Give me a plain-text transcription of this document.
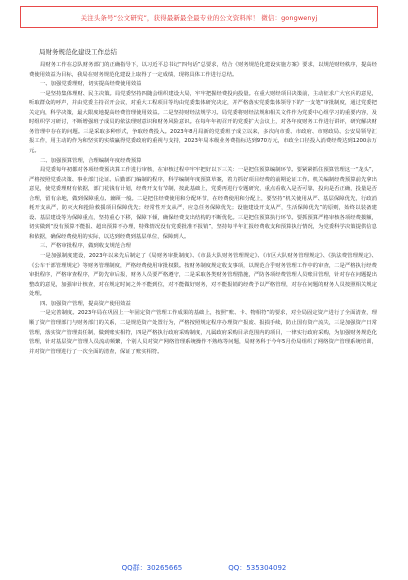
关注头条号“公文研究”，获得最新最全最专业的公文资料库！ 微信：gongwenyj
局财务规范化建设工作总结

局财务工作在总队财务部门的正确指导下，以习近平总书记“四句话”总要求，结合《财务规范化建设实施方案》要求，以规范财经秩序，提高经费使用效益为目标，我局在财务规范化建设上取得了一定成绩，现将具体工作进行总结。

一、加强党委理财，切实提高经费使用效益

一是坚持集体理财、民主决策。局党委坚持四随会组织建设大局，牢牢把握经费投向投量。在重大财经项目决策前，主动征求广大官兵的意见，听取群众的呼声，并由党委主持召开会议，对重大工程项目等均由党委集体研究决定，并严格落实党委集体领导下的“一支笔”审批制度，通过党委把关定向，科学决策，最大限度地提高经费管理使用效益。二是坚持财经法规学习。局党委将财经法规和相关文件作为党委中心组学习的重要内容，及时组织学习研讨，不断增强班子成员的依法理财意识和财务风险意识。在每年年初召开的党委扩大会议上，对各年度财务工作进行讲评，研究解决财务管理中存在的问题。三是采取多种形式，争取经费投入。2023年8月局新的党委班子成立以来，多次向市委、市政府、市财政局、公安局领导汇报工作，用主动的作为和坚实的实绩赢得党委政府的重视与支持，2023年局本级业务费指标达到970万元，市政全口径投入消费经费达到1200余万元。

二、加强预算管理，合理编制年度经费预算

局党委每年初都对各项经费预决算工作进行审核，在审核过程中牢牢把好以下三关：一是把住预算编制环节。要紧紧抓住预算管理这一“龙头”，严格按照党委决策、事业部门论证、后勤部门编制的程序，科学编制年度预算草案，着力抓好项目经费的前期论证工作。机关编制经费预算前先拿出意见，使党委理财有依据，部门花钱有计划，经费开支有节制，按此基础上，党委再进行专题研究，重点看收入是否可靠，投向是否正确，投量是否合理，留有余地，做到保障重点、兼顾一般。二是把住经费使用和分配环节，在经费使用和分配上，要坚持“机关使用从严、基层保障优先，行政消耗开支从严，防灭火和抢险救援项目保障优先；经常性开支从严，应急任务保障优先；设施建设开支从严，生活保障优先”的原则，始终以装备建设、基层建设等为保障重点，坚持重心下移，保障下倾，确保经费支出结构的不断优化。三是把住预算执行环节。要抓预算严格审核各项经费拨额，切实做到“没有预算不能报、超出预算不办理，特殊情况没有党委批准不报销”，坚持每半年汇报经费收支和预算执行情况，为党委科学决策提供信息和依据，确保经费使用的实际，以达到经费到基层单位，保障到人。

三、严格审批程序，做到收支规范合理

一是加强制度建设，2023年以来先后制定了《局财务审批制度》、《市县大队财务管理规定》、《市区大队财务管理规定》、《执法费管理规定》、《公车干部管理规定》等财务管理制度，严格经费使用审批权限。按财务制度规定收支事项，以规范合乎财务管理工作中的审查，二是严格执行经费审批程序，严格审查程序，严防先审后报，财务人员要严格遵守，二是采取各类财务管理措施，严防各项经费管理人员账目管理，针对存在问题提出整改的意见，加强审计核查，对在规定时间之外不能到位，对不能做好财务，对不能报销的经费予以严格管理，对存在问题的财务人员按照相关规定处理。

四、加强资产管理，提高资产使用效益

一是完善制度。2023年局在巩固上一年固定资产管理工作成果的基础上，按照“账、卡、物相符”的要求，对全局固定资产进行了全面清查，理顺了资产管理部门与财务部门的关系，二是规范资产处置行为，严格按照规定程序办理资产报废、报损手续，防止国有资产流失，三是加强资产日常管理，落实资产管理责任制，做到账实相符，四是严格执行政府采购制度，凡属政府采购目录范围内的项目，一律实行政府采购，为加强财务规范化管理，针对基层资产管理人员流动频繁，个别人员对资产网络管理系统操作不熟练等问题，局财务科于今年5月份局组织了网络资产管理系统培训，并对资产管理进行了一次全面的清查，保证了账实相符。

QQ群：30265665	QQ：535304092
